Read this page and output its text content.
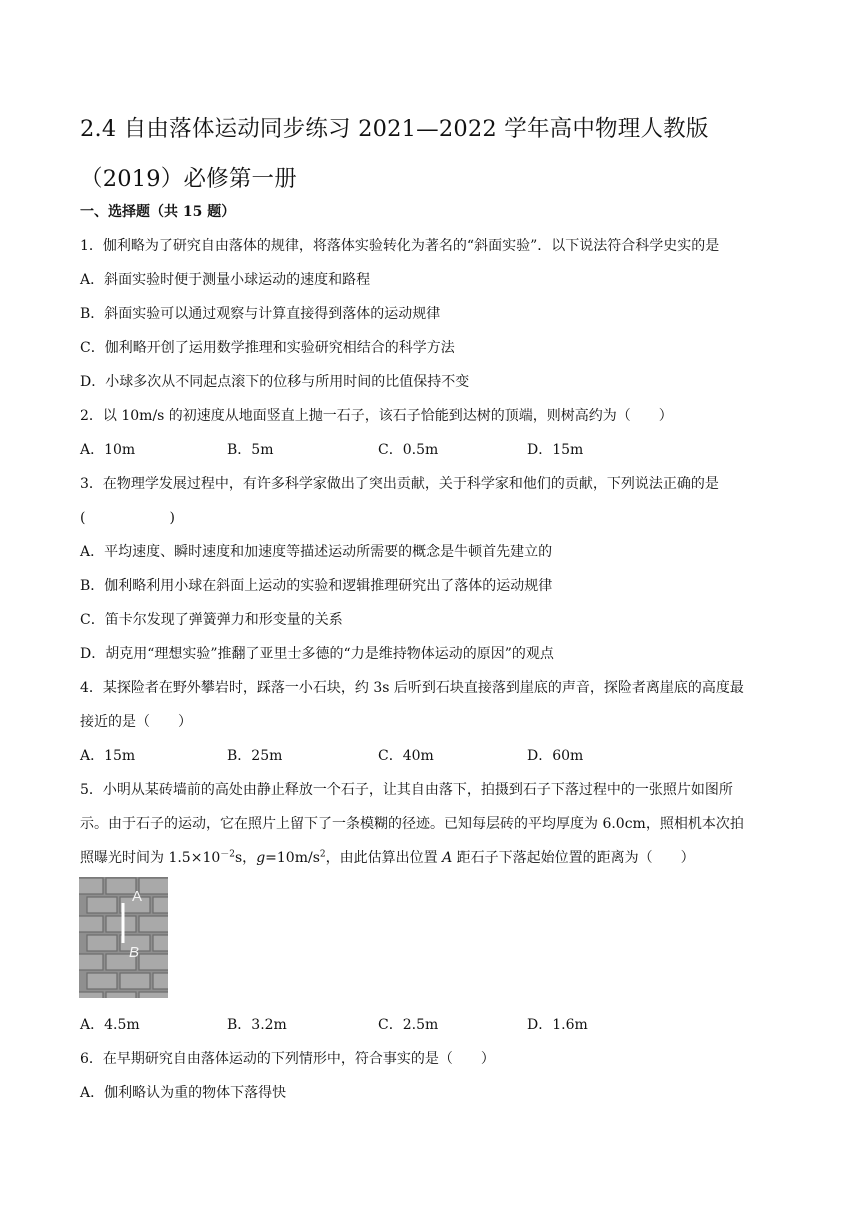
2.4 自由落体运动同步练习 2021—2022 学年高中物理人教版（2019）必修第一册
一、选择题（共 15 题）
1．伽利略为了研究自由落体的规律，将落体实验转化为著名的“斜面实验”．以下说法符合科学史实的是
A．斜面实验时便于测量小球运动的速度和路程
B．斜面实验可以通过观察与计算直接得到落体的运动规律
C．伽利略开创了运用数学推理和实验研究相结合的科学方法
D．小球多次从不同起点滚下的位移与所用时间的比值保持不变
2．以 10m/s 的初速度从地面竖直上抛一石子，该石子恰能到达树的顶端，则树高约为（　　）
A．10m	B．5m	C．0.5m	D．15m
3．在物理学发展过程中，有许多科学家做出了突出贡献，关于科学家和他们的贡献，下列说法正确的是
(　　　　　　)
A．平均速度、瞬时速度和加速度等描述运动所需要的概念是牛顿首先建立的
B．伽利略利用小球在斜面上运动的实验和逻辑推理研究出了落体的运动规律
C．笛卡尔发现了弹簧弹力和形变量的关系
D．胡克用“理想实验”推翻了亚里士多德的“力是维持物体运动的原因”的观点
4．某探险者在野外攀岩时，踩落一小石块，约 3s 后听到石块直接落到崖底的声音，探险者离崖底的高度最
接近的是（　　）
A．15m	B．25m	C．40m	D．60m
5．小明从某砖墙前的高处由静止释放一个石子，让其自由落下，拍摄到石子下落过程中的一张照片如图所
示。由于石子的运动，它在照片上留下了一条模糊的径迹。已知每层砖的平均厚度为 6.0cm，照相机本次拍
照曝光时间为 $1.5\times 10^{-2}s$，$g=10m/s^2$，由此估算出位置 A 距石子下落起始位置的距离为（　　）
A
B
A．4.5m	B．3.2m	C．2.5m	D．1.6m
6．在早期研究自由落体运动的下列情形中，符合事实的是（　　）
A．伽利略认为重的物体下落得快
